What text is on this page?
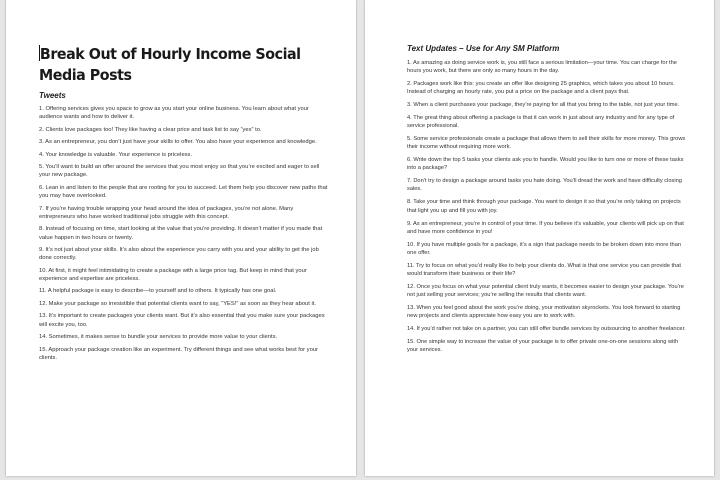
Break Out of Hourly Income Social Media Posts
Tweets
1. Offering services gives you space to grow as you start your online business. You learn about what your audience wants and how to deliver it.
2. Clients love packages too! They like having a clear price and task list to say “yes” to.
3. As an entrepreneur, you don’t just have your skills to offer. You also have your experience and knowledge.
4. Your knowledge is valuable. Your experience is priceless.
5. You’ll want to build an offer around the services that you most enjoy so that you’re excited and eager to sell your new package.
6. Lean in and listen to the people that are rooting for you to succeed. Let them help you discover new paths that you may have overlooked.
7. If you’re having trouble wrapping your head around the idea of packages, you’re not alone. Many entrepreneurs who have worked traditional jobs struggle with this concept.
8. Instead of focusing on time, start looking at the value that you’re providing. It doesn’t matter if you made that value happen in two hours or twenty.
9. It’s not just about your skills. It’s also about the experience you carry with you and your ability to get the job done correctly.
10. At first, it might feel intimidating to create a package with a large price tag. But keep in mind that your experience and expertise are priceless.
11. A helpful package is easy to describe—to yourself and to others. It typically has one goal.
12. Make your package so irresistible that potential clients want to say, “YES!” as soon as they hear about it.
13. It’s important to create packages your clients want. But it’s also essential that you make sure your packages will excite you, too.
14. Sometimes, it makes sense to bundle your services to provide more value to your clients.
15. Approach your package creation like an experiment. Try different things and see what works best for your clients.
Text Updates – Use for Any SM Platform
1. As amazing as doing service work is, you still face a serious limitation—your time. You can charge for the hours you work, but there are only so many hours in the day.
2. Packages work like this: you create an offer like designing 25 graphics, which takes you about 10 hours. Instead of charging an hourly rate, you put a price on the package and a client pays that.
3. When a client purchases your package, they’re paying for all that you bring to the table, not just your time.
4. The great thing about offering a package is that it can work in just about any industry and for any type of service professional.
5. Some service professionals create a package that allows them to sell their skills for more money. This grows their income without requiring more work.
6. Write down the top 5 tasks your clients ask you to handle. Would you like to turn one or more of these tasks into a package?
7. Don’t try to design a package around tasks you hate doing. You’ll dread the work and have difficulty closing sales.
8. Take your time and think through your package. You want to design it so that you’re only taking on projects that light you up and fill you with joy.
9. As an entrepreneur, you’re in control of your time. If you believe it’s valuable, your clients will pick up on that and have more confidence in you!
10. If you have multiple goals for a package, it’s a sign that package needs to be broken down into more than one offer.
11. Try to focus on what you’d really like to help your clients do. What is that one service you can provide that would transform their business or their life?
12. Once you focus on what your potential client truly wants, it becomes easier to design your package. You’re not just selling your services; you’re selling the results that clients want.
13. When you feel good about the work you’re doing, your motivation skyrockets. You look forward to starting new projects and clients appreciate how easy you are to work with.
14. If you’d rather not take on a partner, you can still offer bundle services by outsourcing to another freelancer.
15. One simple way to increase the value of your package is to offer private one-on-one sessions along with your services.
